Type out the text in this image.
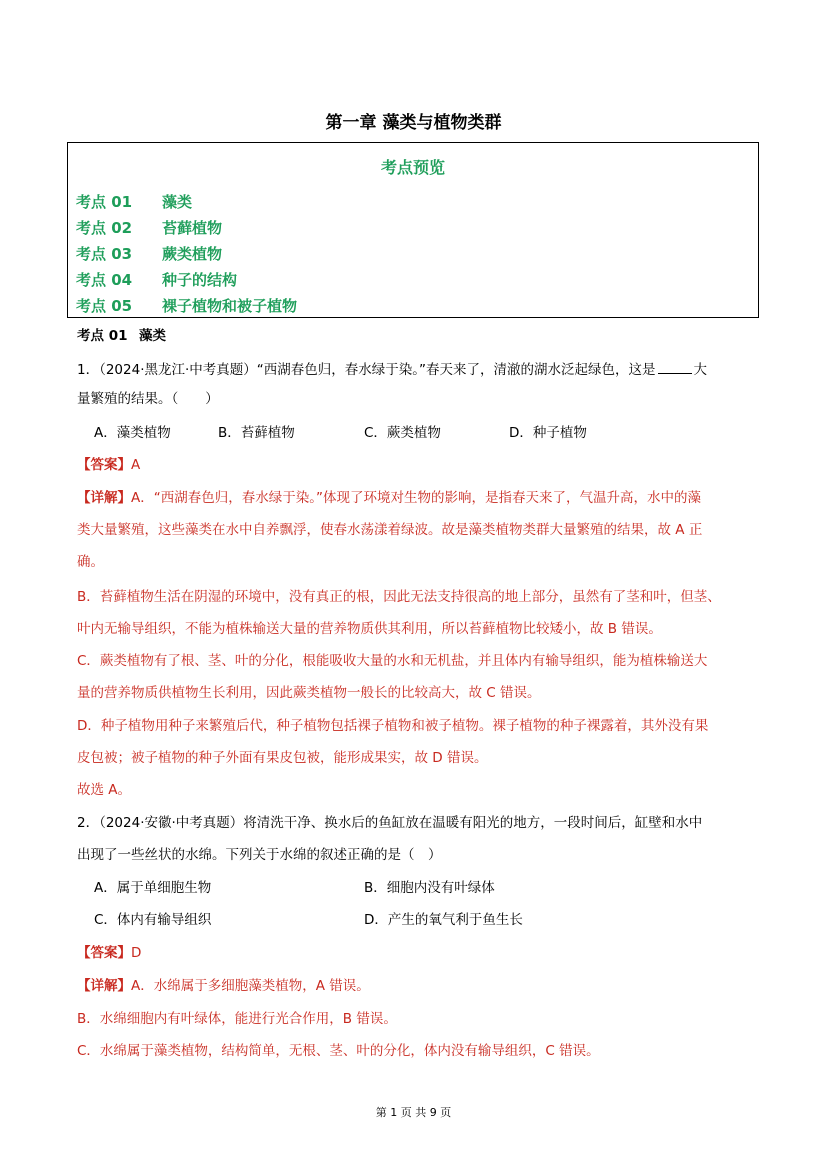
第一章 藻类与植物类群
考点预览
考点 01 藻类
考点 02 苔藓植物
考点 03 蕨类植物
考点 04 种子的结构
考点 05 裸子植物和被子植物
考点 01 藻类
1．（2024·黑龙江·中考真题）“西湖春色归，春水绿于染。”春天来了，清澈的湖水泛起绿色，这是	大
量繁殖的结果。（　　）
A．藻类植物	B．苔藓植物	C．蕨类植物	D．种子植物
【答案】A
【详解】A．“西湖春色归，春水绿于染。”体现了环境对生物的影响，是指春天来了，气温升高，水中的藻
类大量繁殖，这些藻类在水中自养飘浮，使春水荡漾着绿波。故是藻类植物类群大量繁殖的结果，故 A 正
确。
B．苔藓植物生活在阴湿的环境中，没有真正的根，因此无法支持很高的地上部分，虽然有了茎和叶，但茎、
叶内无输导组织，不能为植株输送大量的营养物质供其利用，所以苔藓植物比较矮小，故 B 错误。
C．蕨类植物有了根、茎、叶的分化，根能吸收大量的水和无机盐，并且体内有输导组织，能为植株输送大
量的营养物质供植物生长利用，因此蕨类植物一般长的比较高大，故 C 错误。
D．种子植物用种子来繁殖后代，种子植物包括裸子植物和被子植物。裸子植物的种子裸露着，其外没有果
皮包被；被子植物的种子外面有果皮包被，能形成果实，故 D 错误。
故选 A。
2．（2024·安徽·中考真题）将清洗干净、换水后的鱼缸放在温暖有阳光的地方，一段时间后，缸壁和水中
出现了一些丝状的水绵。下列关于水绵的叙述正确的是（　）
A．属于单细胞生物	B．细胞内没有叶绿体
C．体内有输导组织	D．产生的氧气利于鱼生长
【答案】D
【详解】A．水绵属于多细胞藻类植物，A 错误。
B．水绵细胞内有叶绿体，能进行光合作用，B 错误。
C．水绵属于藻类植物，结构简单，无根、茎、叶的分化，体内没有输导组织，C 错误。
第 1 页 共 9 页
